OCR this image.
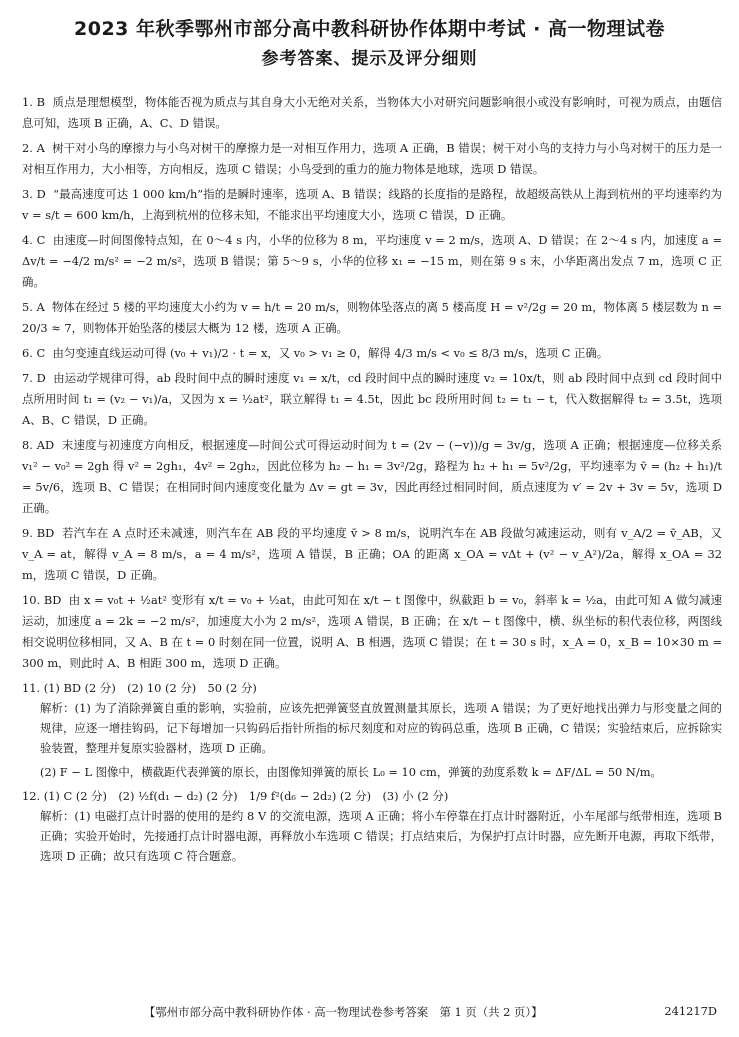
2023 年秋季鄂州市部分高中教科研协作体期中考试 · 高一物理试卷
参考答案、提示及评分细则
1. B 质点是理想模型，物体能否视为质点与其自身大小无绝对关系，当物体大小对研究问题影响很小或没有影响时，可视为质点，由题信息可知，选项 B 正确，A、C、D 错误。
2. A 树干对小鸟的摩擦力与小鸟对树干的摩擦力是一对相互作用力，选项 A 正确，B 错误；树干对小鸟的支持力与小鸟对树干的压力是一对相互作用力，大小相等，方向相反，选项 C 错误；小鸟受到的重力的施力物体是地球，选项 D 错误。
3. D “最高速度可达 1 000 km/h”指的是瞬时速率，选项 A、B 错误；线路的长度指的是路程，故超级高铁从上海到杭州的平均速率约为 v = s/t = 600 km/h，上海到杭州的位移未知，不能求出平均速度大小，选项 C 错误，D 正确。
4. C 由速度—时间图像特点知，在 0～4 s 内，小华的位移为 8 m，平均速度 v = 2 m/s，选项 A、D 错误；在 2～4 s 内，加速度 a = Δv/t = −4/2 m/s² = −2 m/s²，选项 B 错误；第 5～9 s，小华的位移 x₁ = −15 m，则在第 9 s 末，小华距离出发点 7 m，选项 C 正确。
5. A 物体在经过 5 楼的平均速度大小约为 v = h/t = 20 m/s，则物体坠落点的离 5 楼高度 H = v²/2g = 20 m，物体离 5 楼层数为 n = 20/3 ≈ 7，则物体开始坠落的楼层大概为 12 楼，选项 A 正确。
6. C 由匀变速直线运动可得 (v₀ + v₁)/2 · t = x，又 v₀ > v₁ ≥ 0，解得 4/3 m/s < v₀ ≤ 8/3 m/s，选项 C 正确。
7. D 由运动学规律可得，ab 段时间中点的瞬时速度 v₁ = x/t，cd 段时间中点的瞬时速度 v₂ = 10x/t，则 ab 段时间中点到 cd 段时间中点所用时间 t₁ = (v₂ − v₁)/a，又因为 x = ½at²，联立解得 t₁ = 4.5t，因此 bc 段所用时间 t₂ = t₁ − t，代入数据解得 t₂ = 3.5t，选项 A、B、C 错误，D 正确。
8. AD 末速度与初速度方向相反，根据速度—时间公式可得运动时间为 t = (2v − (−v))/g = 3v/g，选项 A 正确；根据速度—位移关系 v₁² − v₀² = 2gh 得 v² = 2gh₁，4v² = 2gh₂，因此位移为 h₂ − h₁ = 3v²/2g，路程为 h₂ + h₁ = 5v²/2g，平均速率为 v̄ = (h₂ + h₁)/t = 5v/6，选项 B、C 错误；在相同时间内速度变化量为 Δv = gt = 3v，因此再经过相同时间，质点速度为 v′ = 2v + 3v = 5v，选项 D 正确。
9. BD 若汽车在 A 点时还未减速，则汽车在 AB 段的平均速度 v̄ > 8 m/s，说明汽车在 AB 段做匀减速运动，则有 v_A/2 = v̄_AB，又 v_A = at，解得 v_A = 8 m/s，a = 4 m/s²，选项 A 错误，B 正确；OA 的距离 x_OA = vΔt + (v² − v_A²)/2a，解得 x_OA = 32 m，选项 C 错误，D 正确。
10. BD 由 x = v₀t + ½at² 变形有 x/t = v₀ + ½at，由此可知在 x/t − t 图像中，纵截距 b = v₀，斜率 k = ½a，由此可知 A 做匀减速运动，加速度 a = 2k = −2 m/s²，加速度大小为 2 m/s²，选项 A 错误，B 正确；在 x/t − t 图像中，横、纵坐标的积代表位移，两图线相交说明位移相同，又 A、B 在 t = 0 时刻在同一位置，说明 A、B 相遇，选项 C 错误；在 t = 30 s 时，x_A = 0，x_B = 10×30 m = 300 m，则此时 A、B 相距 300 m，选项 D 正确。
11. (1) BD (2 分)　(2) 10 (2 分)　50 (2 分)
解析：(1) 为了消除弹簧自重的影响，实验前，应该先把弹簧竖直放置测量其原长，选项 A 错误；为了更好地找出弹力与形变量之间的规律，应逐一增挂钩码，记下每增加一只钩码后指针所指的标尺刻度和对应的钩码总重，选项 B 正确，C 错误；实验结束后，应拆除实验装置，整理并复原实验器材，选项 D 正确。
(2) F − L 图像中，横截距代表弹簧的原长，由图像知弹簧的原长 L₀ = 10 cm，弹簧的劲度系数 k = ΔF/ΔL = 50 N/m。
12. (1) C (2 分)　(2) ½f(d₁ − d₂) (2 分)　1/9 f²(d₆ − 2d₂) (2 分)　(3) 小 (2 分)
解析：(1) 电磁打点计时器的使用的是约 8 V 的交流电源，选项 A 正确；将小车停靠在打点计时器附近，小车尾部与纸带相连，选项 B 正确；实验开始时，先接通打点计时器电源，再释放小车选项 C 错误；打点结束后，为保护打点计时器，应先断开电源，再取下纸带，选项 D 正确；故只有选项 C 符合题意。
【鄂州市部分高中教科研协作体 · 高一物理试卷参考答案　第 1 页（共 2 页）】	241217D
